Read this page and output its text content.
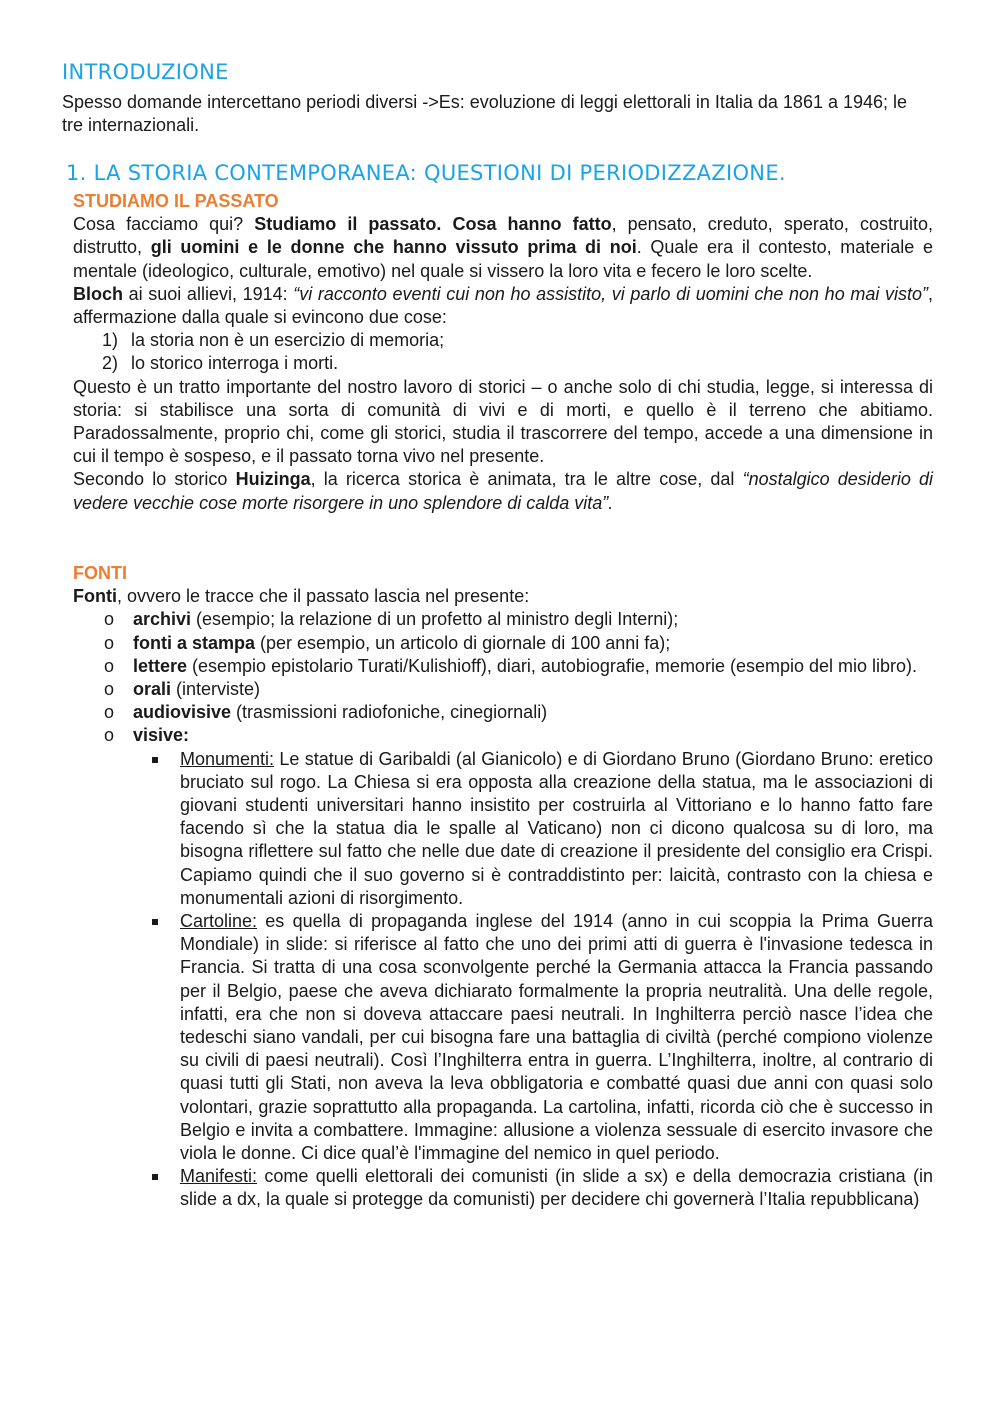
INTRODUZIONE

Spesso domande intercettano periodi diversi ->Es: evoluzione di leggi elettorali in Italia da 1861 a 1946; le tre internazionali.

1. LA STORIA CONTEMPORANEA: QUESTIONI DI PERIODIZZAZIONE.
STUDIAMO IL PASSATO

Cosa facciamo qui? Studiamo il passato. Cosa hanno fatto, pensato, creduto, sperato, costruito, distrutto, gli uomini e le donne che hanno vissuto prima di noi. Quale era il contesto, materiale e mentale (ideologico, culturale, emotivo) nel quale si vissero la loro vita e fecero le loro scelte.

Bloch ai suoi allievi, 1914: “vi racconto eventi cui non ho assistito, vi parlo di uomini che non ho mai visto”, affermazione dalla quale si evincono due cose:

1) la storia non è un esercizio di memoria;
2) lo storico interroga i morti.

Questo è un tratto importante del nostro lavoro di storici – o anche solo di chi studia, legge, si interessa di storia: si stabilisce una sorta di comunità di vivi e di morti, e quello è il terreno che abitiamo. Paradossalmente, proprio chi, come gli storici, studia il trascorrere del tempo, accede a una dimensione in cui il tempo è sospeso, e il passato torna vivo nel presente.

Secondo lo storico Huizinga, la ricerca storica è animata, tra le altre cose, dal “nostalgico desiderio di vedere vecchie cose morte risorgere in uno splendore di calda vita”.

FONTI

Fonti, ovvero le tracce che il passato lascia nel presente:

o archivi (esempio; la relazione di un profetto al ministro degli Interni);
o fonti a stampa (per esempio, un articolo di giornale di 100 anni fa);
o lettere (esempio epistolario Turati/Kulishioff), diari, autobiografie, memorie (esempio del mio libro).
o orali (interviste)
o audiovisive (trasmissioni radiofoniche, cinegiornali)
o visive:
Monumenti: Le statue di Garibaldi (al Gianicolo) e di Giordano Bruno (Giordano Bruno: eretico bruciato sul rogo. La Chiesa si era opposta alla creazione della statua, ma le associazioni di giovani studenti universitari hanno insistito per costruirla al Vittoriano e lo hanno fatto fare facendo sì che la statua dia le spalle al Vaticano) non ci dicono qualcosa su di loro, ma bisogna riflettere sul fatto che nelle due date di creazione il presidente del consiglio era Crispi. Capiamo quindi che il suo governo si è contraddistinto per: laicità, contrasto con la chiesa e monumentali azioni di risorgimento.
Cartoline: es quella di propaganda inglese del 1914 (anno in cui scoppia la Prima Guerra Mondiale) in slide: si riferisce al fatto che uno dei primi atti di guerra è l'invasione tedesca in Francia. Si tratta di una cosa sconvolgente perché la Germania attacca la Francia passando per il Belgio, paese che aveva dichiarato formalmente la propria neutralità. Una delle regole, infatti, era che non si doveva attaccare paesi neutrali. In Inghilterra perciò nasce l’idea che tedeschi siano vandali, per cui bisogna fare una battaglia di civiltà (perché compiono violenze su civili di paesi neutrali). Così l’Inghilterra entra in guerra. L’Inghilterra, inoltre, al contrario di quasi tutti gli Stati, non aveva la leva obbligatoria e combatté quasi due anni con quasi solo volontari, grazie soprattutto alla propaganda. La cartolina, infatti, ricorda ciò che è successo in Belgio e invita a combattere. Immagine: allusione a violenza sessuale di esercito invasore che viola le donne. Ci dice qual’è l'immagine del nemico in quel periodo.
Manifesti: come quelli elettorali dei comunisti (in slide a sx) e della democrazia cristiana (in slide a dx, la quale si protegge da comunisti) per decidere chi governerà l’Italia repubblicana)
